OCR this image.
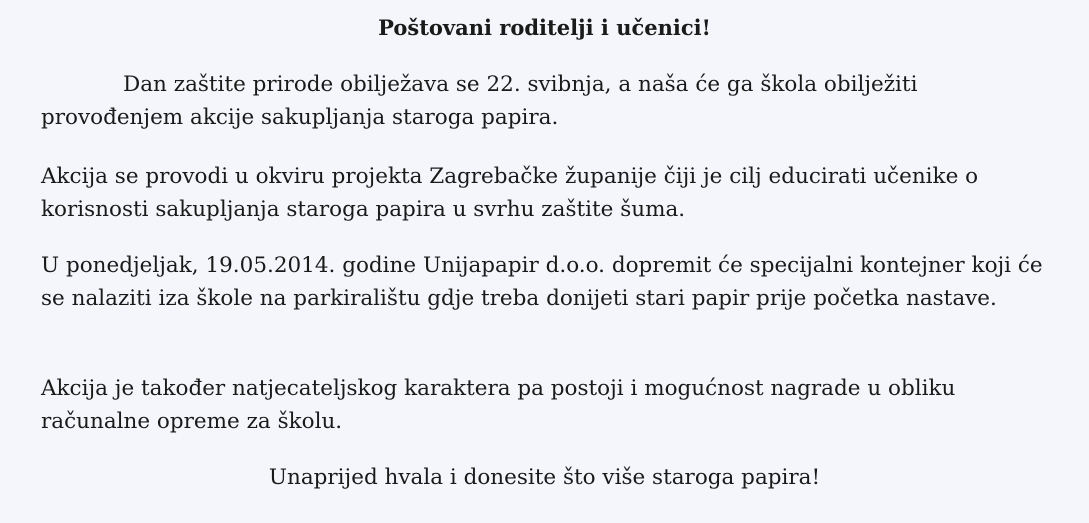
Poštovani roditelji i učenici!

Dan zaštite prirode obilježava se 22. svibnja, a naša će ga škola obilježiti provođenjem akcije sakupljanja staroga papira.

Akcija se provodi u okviru projekta Zagrebačke županije čiji je cilj educirati učenike o korisnosti sakupljanja staroga papira u svrhu zaštite šuma.

U ponedjeljak, 19.05.2014. godine Unijapapir d.o.o. dopremit će specijalni kontejner koji će se nalaziti iza škole na parkiralištu gdje treba donijeti stari papir prije početka nastave.

Akcija je također natjecateljskog karaktera pa postoji i mogućnost nagrade u obliku računalne opreme za školu.

Unaprijed hvala i donesite što više staroga papira!
